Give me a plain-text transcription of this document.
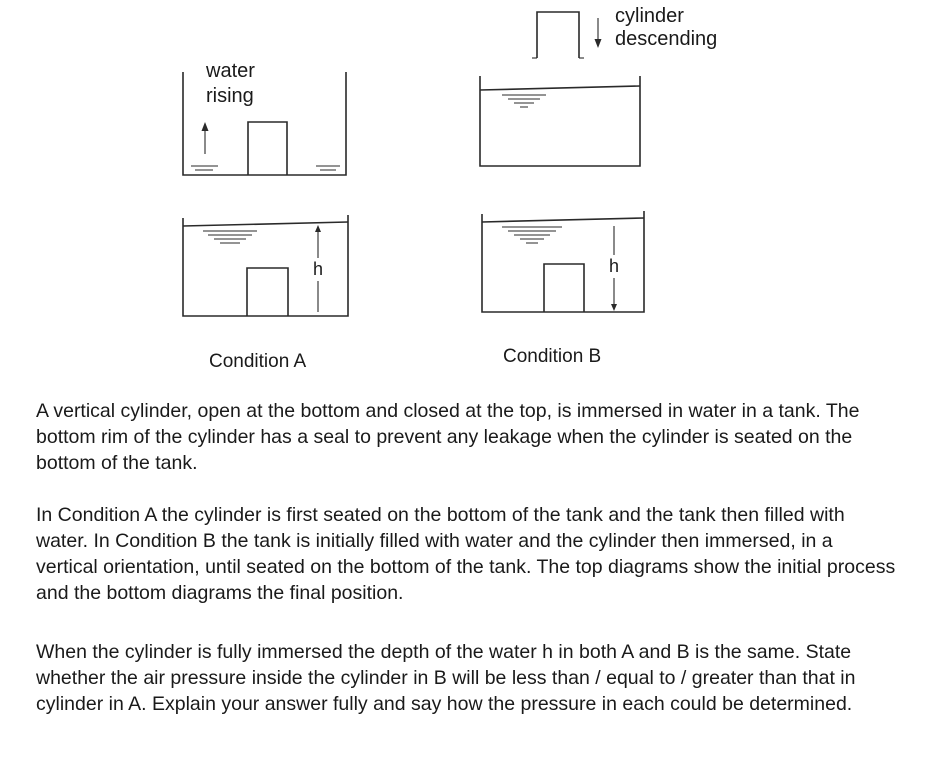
water
rising
cylinder
descending
h	h
Condition A	Condition B

A vertical cylinder, open at the bottom and closed at the top, is immersed in water in a tank. The bottom rim of the cylinder has a seal to prevent any leakage when the cylinder is seated on the bottom of the tank.

In Condition A the cylinder is first seated on the bottom of the tank and the tank then filled with water. In Condition B the tank is initially filled with water and the cylinder then immersed, in a vertical orientation, until seated on the bottom of the tank. The top diagrams show the initial process and the bottom diagrams the final position.

When the cylinder is fully immersed the depth of the water h in both A and B is the same. State whether the air pressure inside the cylinder in B will be less than / equal to / greater than that in cylinder in A. Explain your answer fully and say how the pressure in each could be determined.
